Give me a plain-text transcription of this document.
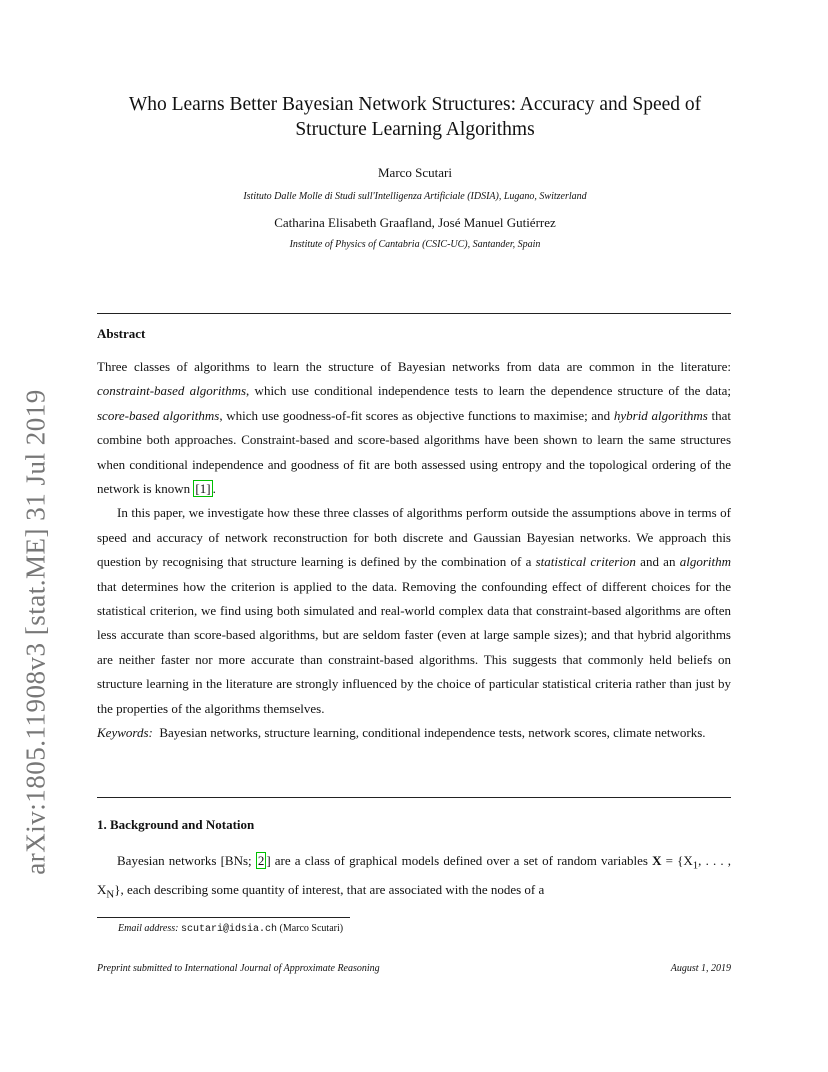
arXiv:1805.11908v3 [stat.ME] 31 Jul 2019
Who Learns Better Bayesian Network Structures: Accuracy and Speed of
Structure Learning Algorithms
Marco Scutari
Istituto Dalle Molle di Studi sull'Intelligenza Artificiale (IDSIA), Lugano, Switzerland
Catharina Elisabeth Graafland, José Manuel Gutiérrez
Institute of Physics of Cantabria (CSIC-UC), Santander, Spain
Abstract
Three classes of algorithms to learn the structure of Bayesian networks from data are common in the literature: constraint-based algorithms, which use conditional independence tests to learn the dependence structure of the data; score-based algorithms, which use goodness-of-fit scores as objective functions to maximise; and hybrid algorithms that combine both approaches. Constraint-based and score-based algorithms have been shown to learn the same structures when conditional independence and goodness of fit are both assessed using entropy and the topological ordering of the network is known [1] .
In this paper, we investigate how these three classes of algorithms perform outside the assumptions above in terms of speed and accuracy of network reconstruction for both discrete and Gaussian Bayesian networks. We approach this question by recognising that structure learning is defined by the combination of a statistical criterion and an algorithm that determines how the criterion is applied to the data. Removing the confounding effect of different choices for the statistical criterion, we find using both simulated and real-world complex data that constraint-based algorithms are often less accurate than score-based algorithms, but are seldom faster (even at large sample sizes); and that hybrid algorithms are neither faster nor more accurate than constraint-based algorithms. This suggests that commonly held beliefs on structure learning in the literature are strongly influenced by the choice of particular statistical criteria rather than just by the properties of the algorithms themselves.
Keywords: Bayesian networks, structure learning, conditional independence tests, network scores, climate networks.
1. Background and Notation
Bayesian networks [BNs; 2 ] are a class of graphical models defined over a set of random variables $X = \{X_1$, . . . , $X_N$}, each describing some quantity of interest, that are associated with the nodes of a
Email address: scutari@idsia.ch (Marco Scutari)
Preprint submitted to International Journal of Approximate Reasoning	August 1, 2019
